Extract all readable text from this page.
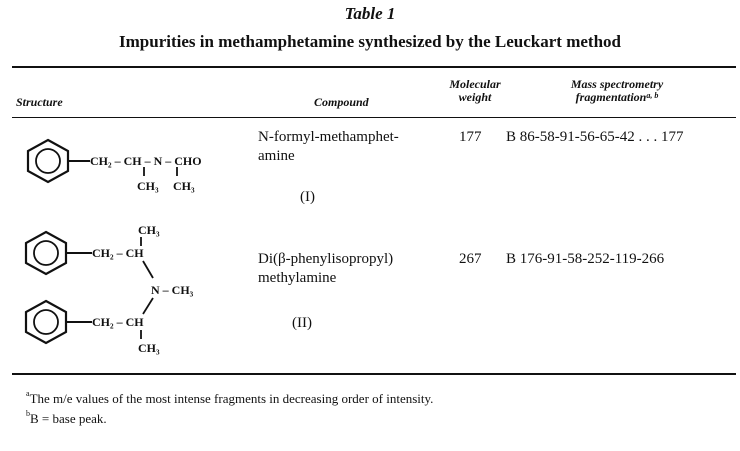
Table 1
Impurities in methamphetamine synthesized by the Leuckart method
Structure	Compound
Molecular
weight
Mass spectrometry
fragmentation$^{a, b}$
CH₂ – CH – N – CHO
CH₃ CH₃
CH₃
CH₂ – CH
N – CH₃
CH₂ – CH
CH₃
N-formyl-methamphet-
amine
(I)
177 B 86-58-91-56-65-42 . . . 177
Di(β-phenylisopropyl)
methylamine
(II)
267 B 176-91-58-252-119-266
$^a$The m/e values of the most intense fragments in decreasing order of intensity.
$^b$B = base peak.
